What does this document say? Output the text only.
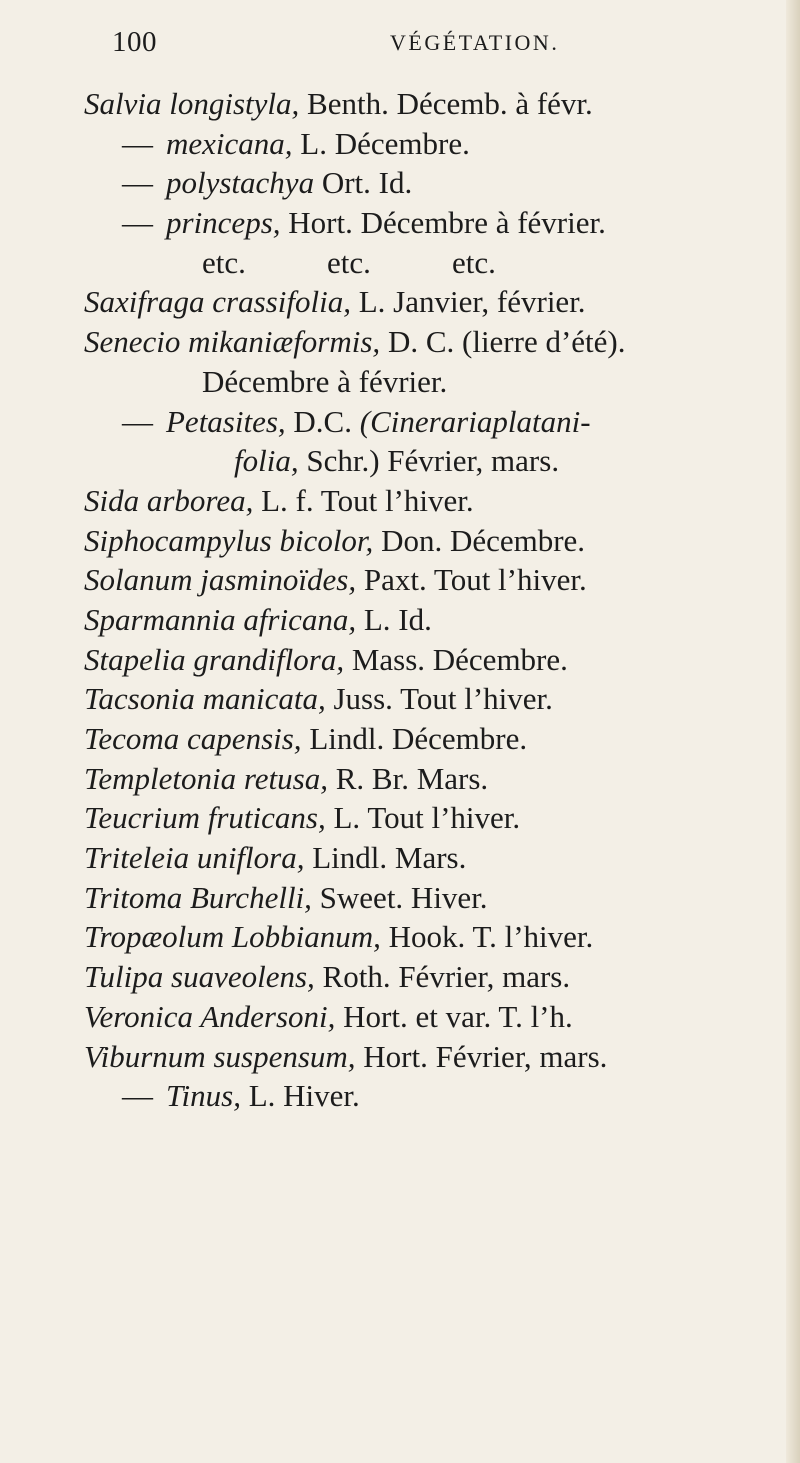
100	VÉGÉTATION.
Salvia longistyla, Benth. Décemb. à févr.
— mexicana, L. Décembre.
— polystachya Ort. Id.
— princeps, Hort. Décembre à février.
etc.	etc.	etc.
Saxifraga crassifolia, L. Janvier, février.
Senecio mikaniæformis, D. C. (lierre d’été).
Décembre à février.
— Petasites, D.C. (Cinerariaplatani-
folia, Schr.) Février, mars.
Sida arborea, L. f. Tout l’hiver.
Siphocampylus bicolor, Don. Décembre.
Solanum jasminoïdes, Paxt. Tout l’hiver.
Sparmannia africana, L. Id.
Stapelia grandiflora, Mass. Décembre.
Tacsonia manicata, Juss. Tout l’hiver.
Tecoma capensis, Lindl. Décembre.
Templetonia retusa, R. Br. Mars.
Teucrium fruticans, L. Tout l’hiver.
Triteleia uniflora, Lindl. Mars.
Tritoma Burchelli, Sweet. Hiver.
Tropæolum Lobbianum, Hook. T. l’hiver.
Tulipa suaveolens, Roth. Février, mars.
Veronica Andersoni, Hort. et var. T. l’h.
Viburnum suspensum, Hort. Février, mars.
— Tinus, L. Hiver.
